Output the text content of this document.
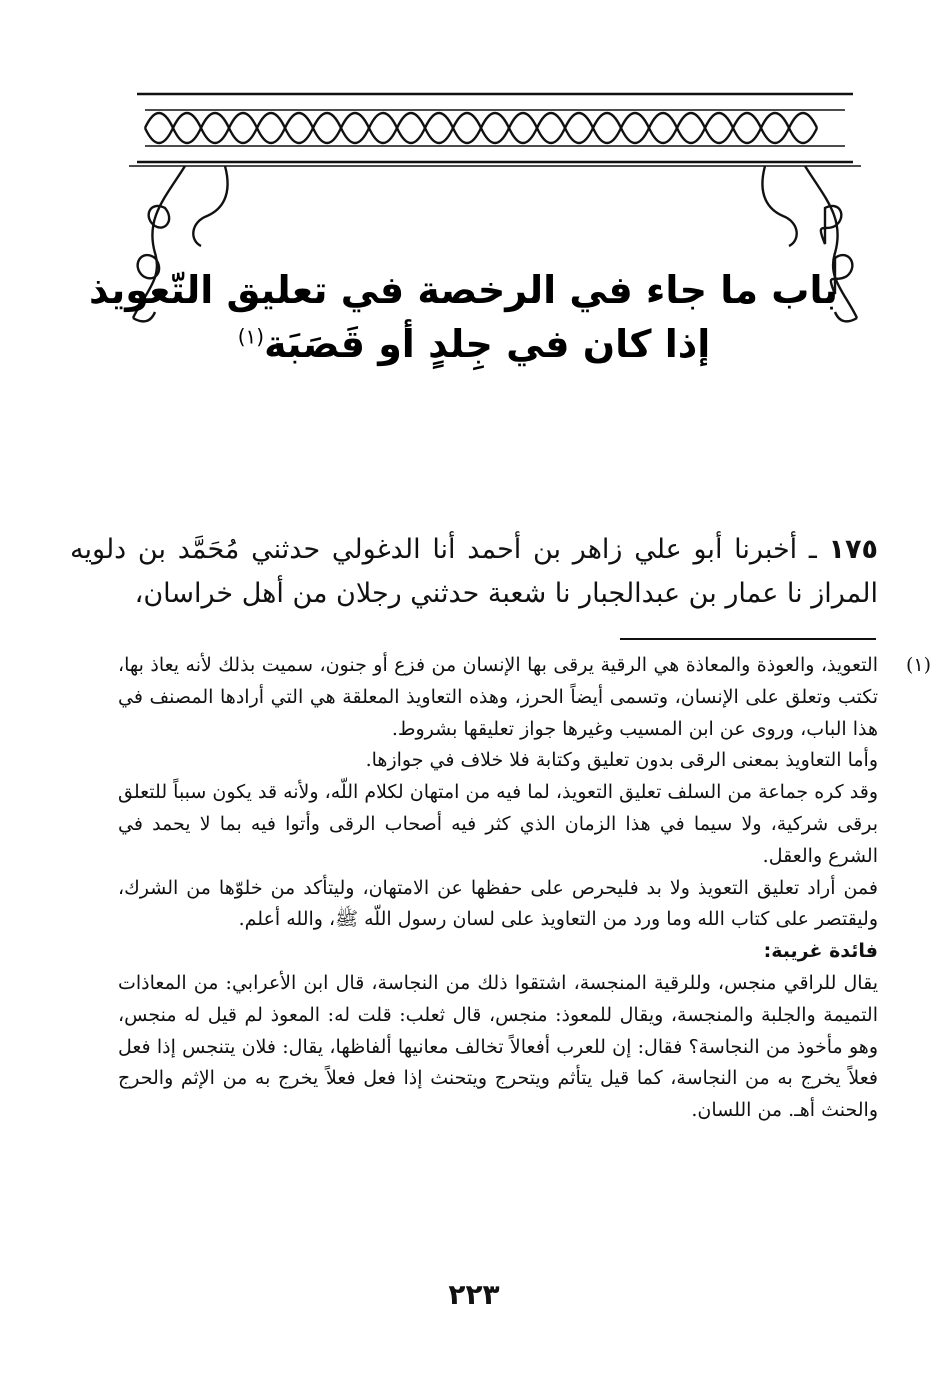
باب ما جاء في الرخصة في تعليق التّعويذ
إذا كان في جِلدٍ أو قَصَبَة$^{(١)}$
١٧٥ ـ أخبرنا أبو علي زاهر بن أحمد أنا الدغولي حدثني مُحَمَّد بن دلويه المراز نا عمار بن عبدالجبار نا شعبة حدثني رجلان من أهل خراسان،

(١)
التعويذ، والعوذة والمعاذة هي الرقية يرقى بها الإنسان من فزع أو جنون، سميت بذلك لأنه يعاذ بها، تكتب وتعلق على الإنسان، وتسمى أيضاً الحرز، وهذه التعاويذ المعلقة هي التي أرادها المصنف في هذا الباب، وروى عن ابن المسيب وغيرها جواز تعليقها بشروط.

وأما التعاويذ بمعنى الرقى بدون تعليق وكتابة فلا خلاف في جوازها.

وقد كره جماعة من السلف تعليق التعويذ، لما فيه من امتهان لكلام اللّه، ولأنه قد يكون سبباً للتعلق برقى شركية، ولا سيما في هذا الزمان الذي كثر فيه أصحاب الرقى وأتوا فيه بما لا يحمد في الشرع والعقل.

فمن أراد تعليق التعويذ ولا بد فليحرص على حفظها عن الامتهان، وليتأكد من خلوّها من الشرك، وليقتصر على كتاب الله وما ورد من التعاويذ على لسان رسول اللّه ﷺ، والله أعلم.

فائدة غريبة:

يقال للراقي منجس، وللرقية المنجسة، اشتقوا ذلك من النجاسة، قال ابن الأعرابي: من المعاذات التميمة والجلبة والمنجسة، ويقال للمعوذ: منجس، قال ثعلب: قلت له: المعوذ لم قيل له منجس، وهو مأخوذ من النجاسة؟ فقال: إن للعرب أفعالاً تخالف معانيها ألفاظها، يقال: فلان يتنجس إذا فعل فعلاً يخرج به من النجاسة، كما قيل يتأثم ويتحرج ويتحنث إذا فعل فعلاً يخرج به من الإثم والحرج والحنث أهـ. من اللسان.

٢٢٣
